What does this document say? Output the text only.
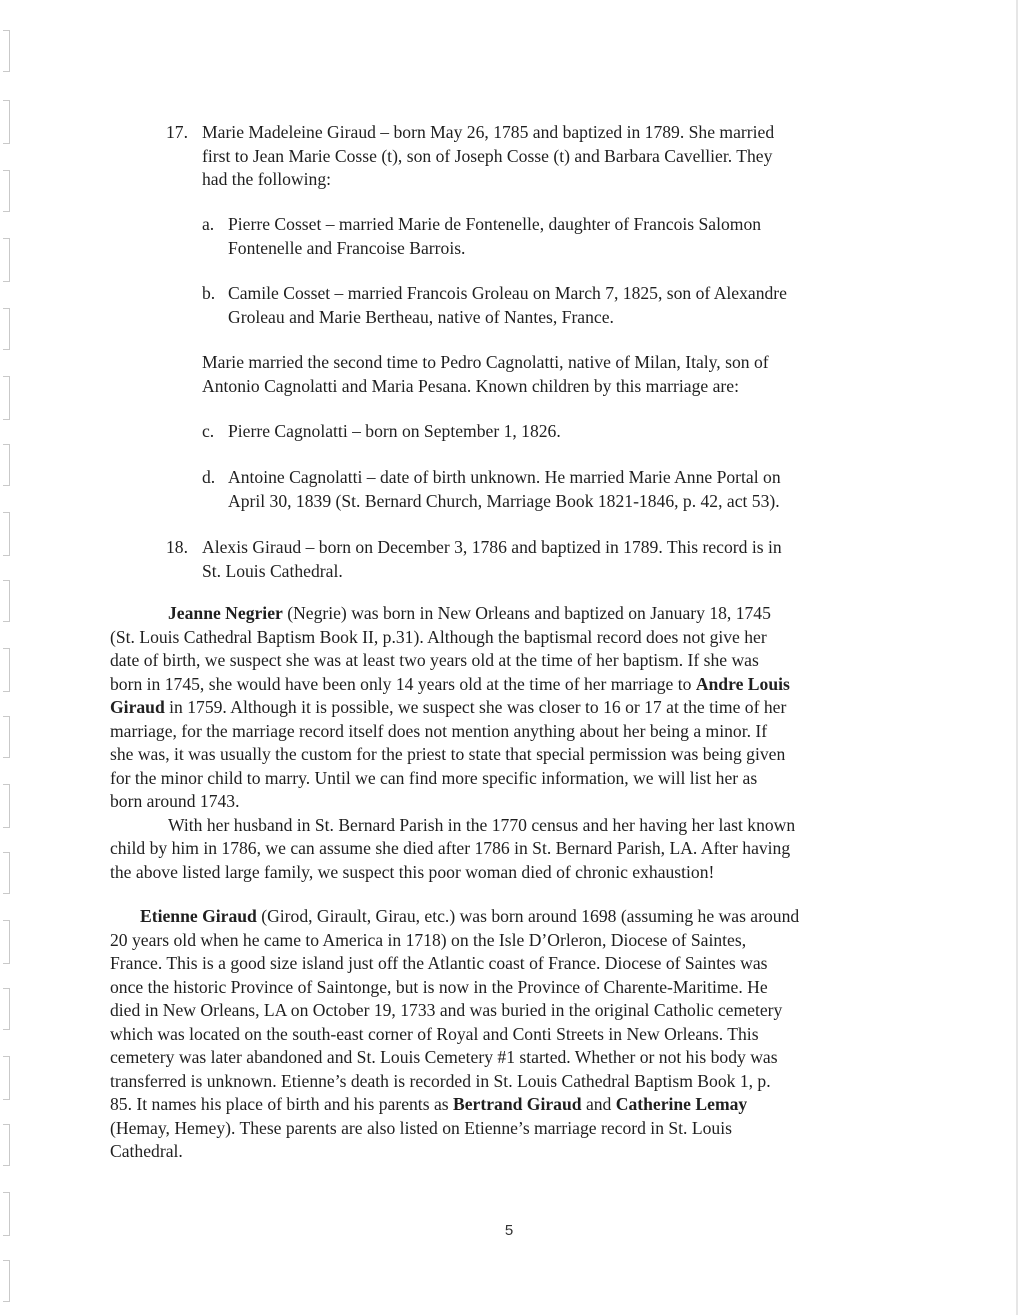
17. Marie Madeleine Giraud – born May 26, 1785 and baptized in 1789. She married
first to Jean Marie Cosse (t), son of Joseph Cosse (t) and Barbara Cavellier. They
had the following:
a. Pierre Cosset – married Marie de Fontenelle, daughter of Francois Salomon
Fontenelle and Francoise Barrois.
b. Camile Cosset – married Francois Groleau on March 7, 1825, son of Alexandre
Groleau and Marie Bertheau, native of Nantes, France.
Marie married the second time to Pedro Cagnolatti, native of Milan, Italy, son of
Antonio Cagnolatti and Maria Pesana. Known children by this marriage are:
c. Pierre Cagnolatti – born on September 1, 1826.
d. Antoine Cagnolatti – date of birth unknown. He married Marie Anne Portal on
April 30, 1839 (St. Bernard Church, Marriage Book 1821-1846, p. 42, act 53).
18. Alexis Giraud – born on December 3, 1786 and baptized in 1789. This record is in
St. Louis Cathedral.
Jeanne Negrier (Negrie) was born in New Orleans and baptized on January 18, 1745
(St. Louis Cathedral Baptism Book II, p.31). Although the baptismal record does not give her
date of birth, we suspect she was at least two years old at the time of her baptism. If she was
born in 1745, she would have been only 14 years old at the time of her marriage to Andre Louis
Giraud in 1759. Although it is possible, we suspect she was closer to 16 or 17 at the time of her
marriage, for the marriage record itself does not mention anything about her being a minor. If
she was, it was usually the custom for the priest to state that special permission was being given
for the minor child to marry. Until we can find more specific information, we will list her as
born around 1743.
With her husband in St. Bernard Parish in the 1770 census and her having her last known
child by him in 1786, we can assume she died after 1786 in St. Bernard Parish, LA. After having
the above listed large family, we suspect this poor woman died of chronic exhaustion!
Etienne Giraud (Girod, Girault, Girau, etc.) was born around 1698 (assuming he was around
20 years old when he came to America in 1718) on the Isle D’Orleron, Diocese of Saintes,
France. This is a good size island just off the Atlantic coast of France. Diocese of Saintes was
once the historic Province of Saintonge, but is now in the Province of Charente-Maritime. He
died in New Orleans, LA on October 19, 1733 and was buried in the original Catholic cemetery
which was located on the south-east corner of Royal and Conti Streets in New Orleans. This
cemetery was later abandoned and St. Louis Cemetery #1 started. Whether or not his body was
transferred is unknown. Etienne’s death is recorded in St. Louis Cathedral Baptism Book 1, p.
85. It names his place of birth and his parents as Bertrand Giraud and Catherine Lemay
(Hemay, Hemey). These parents are also listed on Etienne’s marriage record in St. Louis
Cathedral.
5
